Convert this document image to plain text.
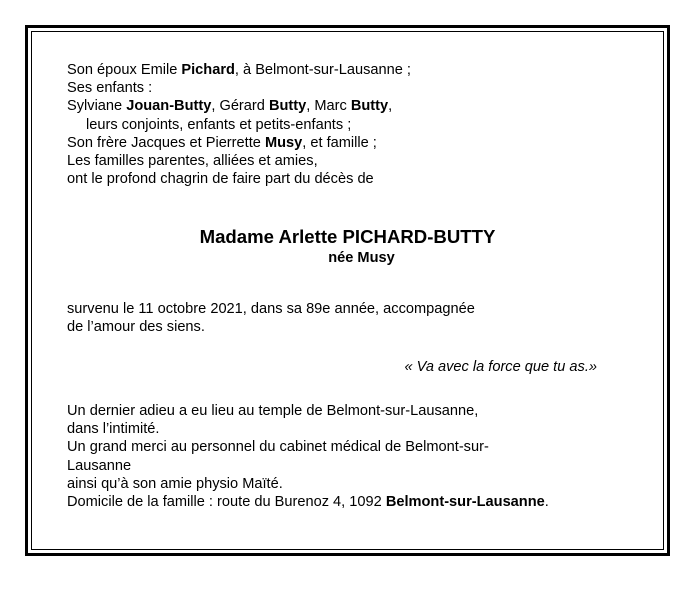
Son époux Emile Pichard, à Belmont-sur-Lausanne ;
Ses enfants :
Sylviane Jouan-Butty, Gérard Butty, Marc Butty,
leurs conjoints, enfants et petits-enfants ;
Son frère Jacques et Pierrette Musy, et famille ;
Les familles parentes, alliées et amies,
ont le profond chagrin de faire part du décès de
Madame Arlette PICHARD-BUTTY
née Musy
survenu le 11 octobre 2021, dans sa 89e année, accompagnée
de l’amour des siens.
« Va avec la force que tu as.»
Un dernier adieu a eu lieu au temple de Belmont-sur-Lausanne,
dans l’intimité.
Un grand merci au personnel du cabinet médical de Belmont-sur-
Lausanne
ainsi qu’à son amie physio Maïté.
Domicile de la famille : route du Burenoz 4, 1092 Belmont-sur-Lausanne.
